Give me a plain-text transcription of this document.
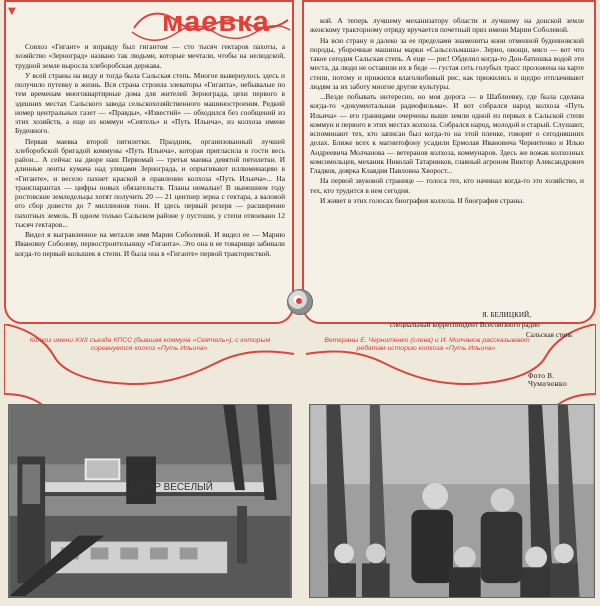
▼	маевка

Совхоз «Гигант» и вправду был гигантом — сто тысяч гектаров пахоты, а хозяйство «Зерноград» названо так людьми, которые мечтали, чтобы на нелюдской, трудной земле выросла хлеборобская держава.

У всей страны на виду и тогда была Сальская степь. Многое вывернулось здесь и получило путевку в жизнь. Вся страна строила элеваторы «Гиганта», небывалые по тем временам многоквартирные дома для жителей Зернограда, цехи первого в здешних местах Сальского завода сельскохозяйственного машиностроения. Редкий номер центральных газет — «Правды», «Известий» — обходился без сообщений из этих хозяйств, а еще из коммун «Сеятель» и «Путь Ильича», из колхоза имени Буденного.

Первая маевка второй пятилетки. Праздник, организованный лучшей хлеборобской бригадой коммуны «Путь Ильича», которая пригласила в гости весь район... А сейчас на дворе наш Первомай — третья маевка девятой пятилетки. И длинные ленты кумача над улицами Зернограда, и опрыгивают иллюминацию в «Гиганте», и весело пахнет краской в правлении колхоза «Путь Ильича»... На транспарантах — цифры новых обязательств. Планы немалые! В нынешнем году ростовские земледельцы хотят получить 20 — 21 центнер зерна с гектара, а валовой его сбор довести до 7 миллионов тонн. И здесь первый резерв — расширение пахотных земель. В одном только Сальском районе у пустоши, у степи отвоевано 12 тысяч гектаров...

Видел я выгравленное на металле имя Марии Соболевой. И видел ее — Марию Ивановну Соболеву, первостроительницу «Гиганта». Это она и ее товарищи забивали когда-то первый колышек в степи. И была она в «Гиганте» первой трактористкой.

кой. А теперь лучшему механизатору области и лучшему на донской земле женскому тракторному отряду вручается почетный приз имени Марии Соболевой.

На всю страну и далеко за ее пределами знамениты кони отменной буденновской породы, уборочные машины марки «Сальсельмаша». Зерно, овощи, мясо — вот что такое сегодня Сальская степь. А еще — рис! Обделил когда-то Дон-батюшка водой эти места, да люди не оставили их в беде — густая сеть голубых трасс проложена на карте степи, потому и прижился влаголюбивый рис, как прижились и щедро отплачивают людям за их заботу многие другие культуры.

...Везде побывать интересно, но моя дорога — в Шаблиевку, где была сделана когда-то «документальная радиофильма». И вот собрался народ колхоза «Путь Ильича» — его границами очерчены выше земли одной из первых в Сальской степи коммун и первого в этих местах колхоза. Собрался народ, молодой и старый. Слушают, вспоминают тех, кто записан был когда-то на этой пленке, говорят о сегодняшних делах. Ближе всех к магнитофону усадили Ермолая Ивановича Чернитенко и Илью Андреевича Молчанова — ветеранов колхоза, коммунаров. Здесь же вожак колхозных комсомольцев, механик Николай Татаринков, главный агроном Виктор Александрович Гладков, доярка Клавдия Павловна Хворост...

На первой звуковой странице — голоса тех, кто начинал когда-то это хозяйство, и тех, кто трудится в нем сегодня.

И живет в этих голосах биография колхоза. И биография страны.

Я. БЕЛИЦКИЙ,
специальный корреспондент Всесоюзного радио
Сальская степь
Колхоз имени XXII съезда КПСС (бывшая коммуна «Сеятель»), с которым соревнуется колхоз «Путь Ильича».
Ветераны Е. Чернитенко (слева) и И. Молчанов рассказывают ребятам историю колхоза «Путь Ильича».
Фото В. Чумаченко
ХУТОР ВЕСЕЛЫЙ
